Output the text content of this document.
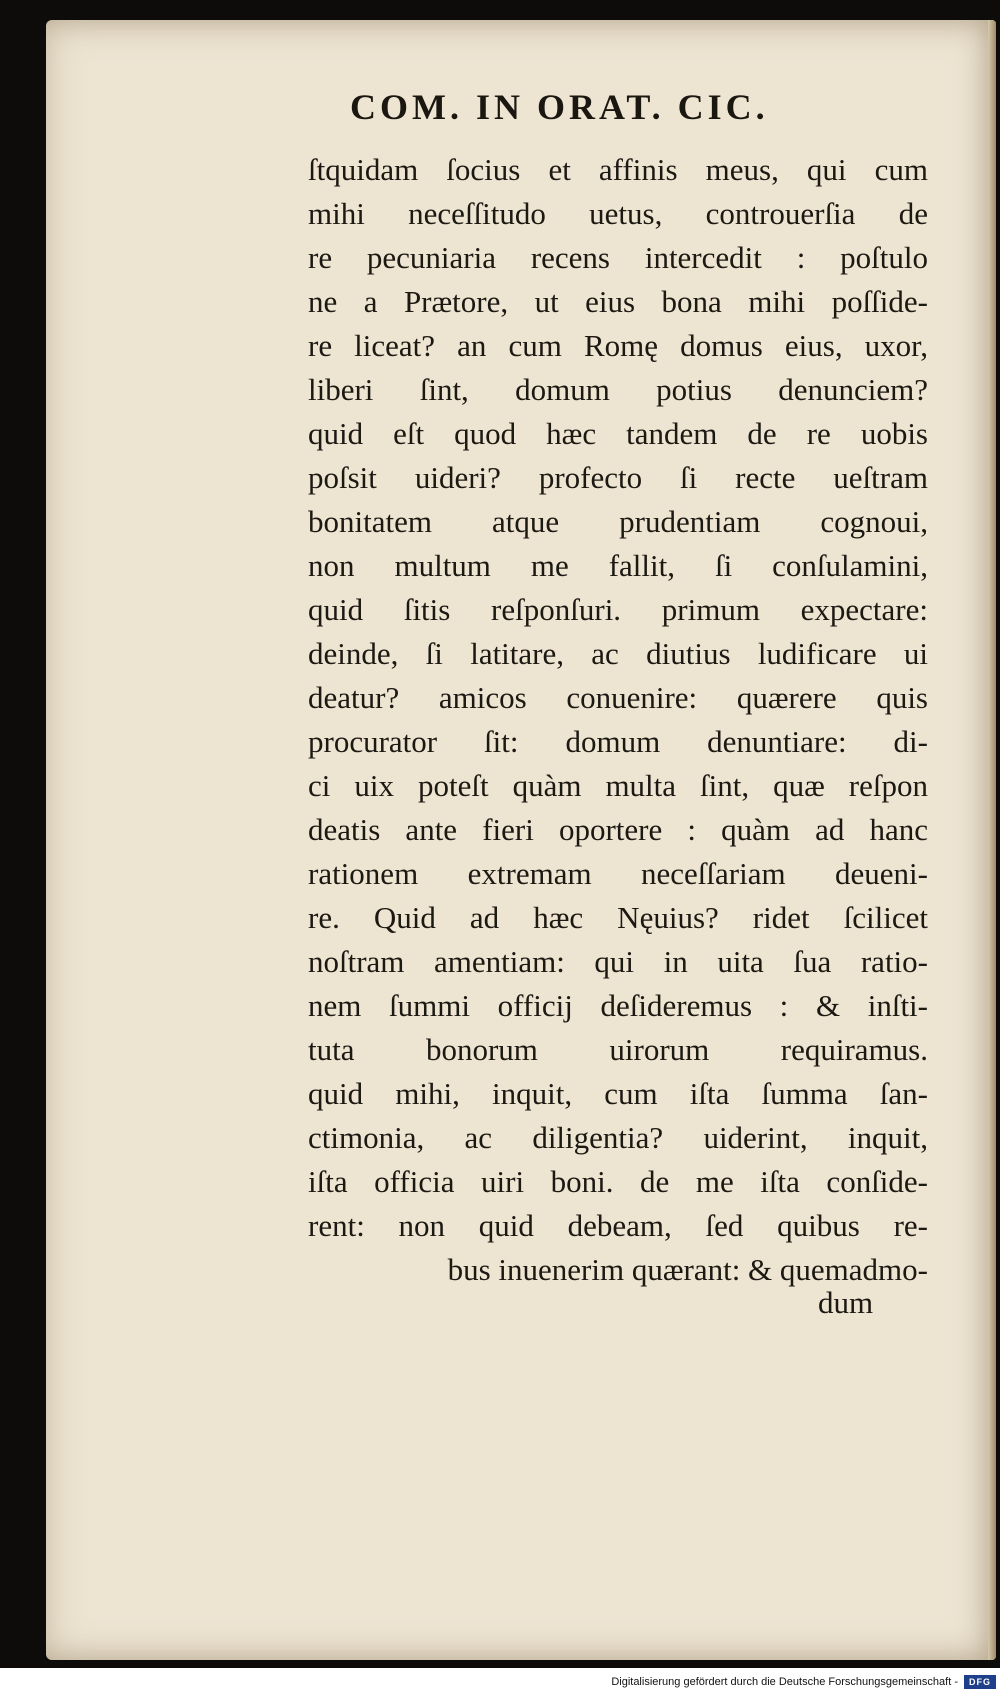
COM. IN ORAT. CIC.
ſtquidam ſocius et affinis meus, qui cum
mihi neceſſitudo uetus, controuerſia de
re pecuniaria recens intercedit : poſtulo
ne a Prætore, ut eius bona mihi poſſide-
re liceat? an cum Romę domus eius, uxor,
liberi ſint, domum potius denunciem?
quid eſt quod hæc tandem de re uobis
poſsit uideri? profecto ſi recte ueſtram
bonitatem atque prudentiam cognoui,
non multum me fallit, ſi conſulamini,
quid ſitis reſponſuri. primum expectare:
deinde, ſi latitare, ac diutius ludificare ui
deatur? amicos conuenire: quærere quis
procurator ſit: domum denuntiare: di-
ci uix poteſt quàm multa ſint, quæ reſpon
deatis ante fieri oportere : quàm ad hanc
rationem extremam neceſſariam deueni-
re. Quid ad hæc Nęuius? ridet ſcilicet
noſtram amentiam: qui in uita ſua ratio-
nem ſummi officij deſideremus : & inſti-
tuta bonorum uirorum requiramus.
quid mihi, inquit, cum iſta ſumma ſan-
ctimonia, ac diligentia? uiderint, inquit,
iſta officia uiri boni. de me iſta conſide-
rent: non quid debeam, ſed quibus re-
bus inuenerim quærant: & quemadmo-
dum
Digitalisierung gefördert durch die Deutsche Forschungsgemeinschaft -	DFG
